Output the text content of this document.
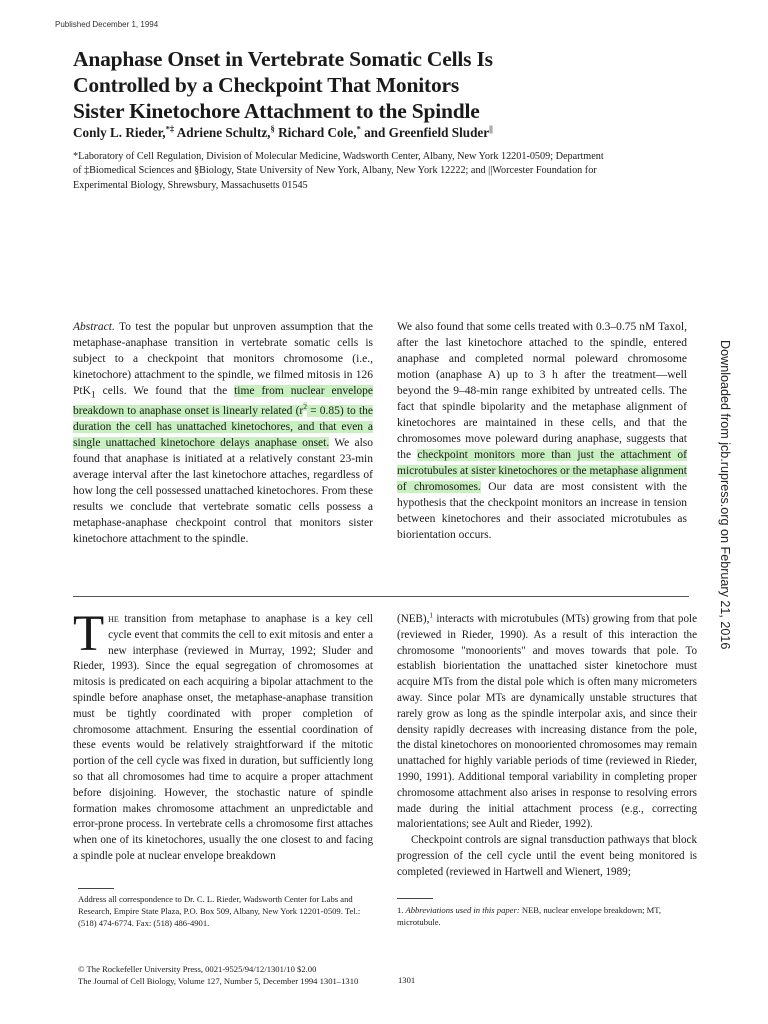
Published December 1, 1994
Anaphase Onset in Vertebrate Somatic Cells Is
Controlled by a Checkpoint That Monitors
Sister Kinetochore Attachment to the Spindle
Conly L. Rieder,*‡ Adriene Schultz,§ Richard Cole,* and Greenfield Sluder||
*Laboratory of Cell Regulation, Division of Molecular Medicine, Wadsworth Center, Albany, New York 12201-0509; Department
of ‡Biomedical Sciences and §Biology, State University of New York, Albany, New York 12222; and ||Worcester Foundation for
Experimental Biology, Shrewsbury, Massachusetts 01545
Abstract. To test the popular but unproven assumption that the metaphase-anaphase transition in vertebrate somatic cells is subject to a checkpoint that monitors chromosome (i.e., kinetochore) attachment to the spindle, we filmed mitosis in 126 PtK$_1$ cells. We found that the time from nuclear envelope breakdown to anaphase onset is linearly related $(r^2 = 0.85)$ to the duration the cell has unattached kinetochores, and that even a single unattached kinetochore delays anaphase onset. We also found that anaphase is initiated at a relatively constant 23-min average interval after the last kinetochore attaches, regardless of how long the cell possessed unattached kinetochores. From these results we conclude that vertebrate somatic cells possess a metaphase-anaphase checkpoint control that monitors sister kinetochore attachment to the spindle.
We also found that some cells treated with 0.3–0.75 nM Taxol, after the last kinetochore attached to the spindle, entered anaphase and completed normal poleward chromosome motion (anaphase A) up to 3 h after the treatment—well beyond the 9–48-min range exhibited by untreated cells. The fact that spindle bipolarity and the metaphase alignment of kinetochores are maintained in these cells, and that the chromosomes move poleward during anaphase, suggests that the checkpoint monitors more than just the attachment of microtubules at sister kinetochores or the metaphase alignment of chromosomes. Our data are most consistent with the hypothesis that the checkpoint monitors an increase in tension between kinetochores and their associated microtubules as biorientation occurs.
The transition from metaphase to anaphase is a key cell cycle event that commits the cell to exit mitosis and enter a new interphase (reviewed in Murray, 1992; Sluder and Rieder, 1993). Since the equal segregation of chromosomes at mitosis is predicated on each acquiring a bipolar attachment to the spindle before anaphase onset, the metaphase-anaphase transition must be tightly coordinated with proper completion of chromosome attachment. Ensuring the essential coordination of these events would be relatively straightforward if the mitotic portion of the cell cycle was fixed in duration, but sufficiently long so that all chromosomes had time to acquire a proper attachment before disjoining. However, the stochastic nature of spindle formation makes chromosome attachment an unpredictable and error-prone process. In vertebrate cells a chromosome first attaches when one of its kinetochores, usually the one closest to and facing a spindle pole at nuclear envelope breakdown

(NEB),$^1$ interacts with microtubules (MTs) growing from that pole (reviewed in Rieder, 1990). As a result of this interaction the chromosome "monoorients" and moves towards that pole. To establish biorientation the unattached sister kinetochore must acquire MTs from the distal pole which is often many micrometers away. Since polar MTs are dynamically unstable structures that rarely grow as long as the spindle interpolar axis, and since their density rapidly decreases with increasing distance from the pole, the distal kinetochores on monooriented chromosomes may remain unattached for highly variable periods of time (reviewed in Rieder, 1990, 1991). Additional temporal variability in completing proper chromosome attachment also arises in response to resolving errors made during the initial attachment process (e.g., correcting malorientations; see Ault and Rieder, 1992).

Checkpoint controls are signal transduction pathways that block progression of the cell cycle until the event being monitored is completed (reviewed in Hartwell and Wienert, 1989;

Address all correspondence to Dr. C. L. Rieder, Wadsworth Center for Labs and Research, Empire State Plaza, P.O. Box 509, Albany, New York 12201-0509. Tel.: (518) 474-6774. Fax: (518) 486-4901.
1. Abbreviations used in this paper: NEB, nuclear envelope breakdown; MT, microtubule.
© The Rockefeller University Press, 0021-9525/94/12/1301/10 $2.00
The Journal of Cell Biology, Volume 127, Number 5, December 1994 1301–1310	1301
Downloaded from jcb.rupress.org on February 21, 2016
